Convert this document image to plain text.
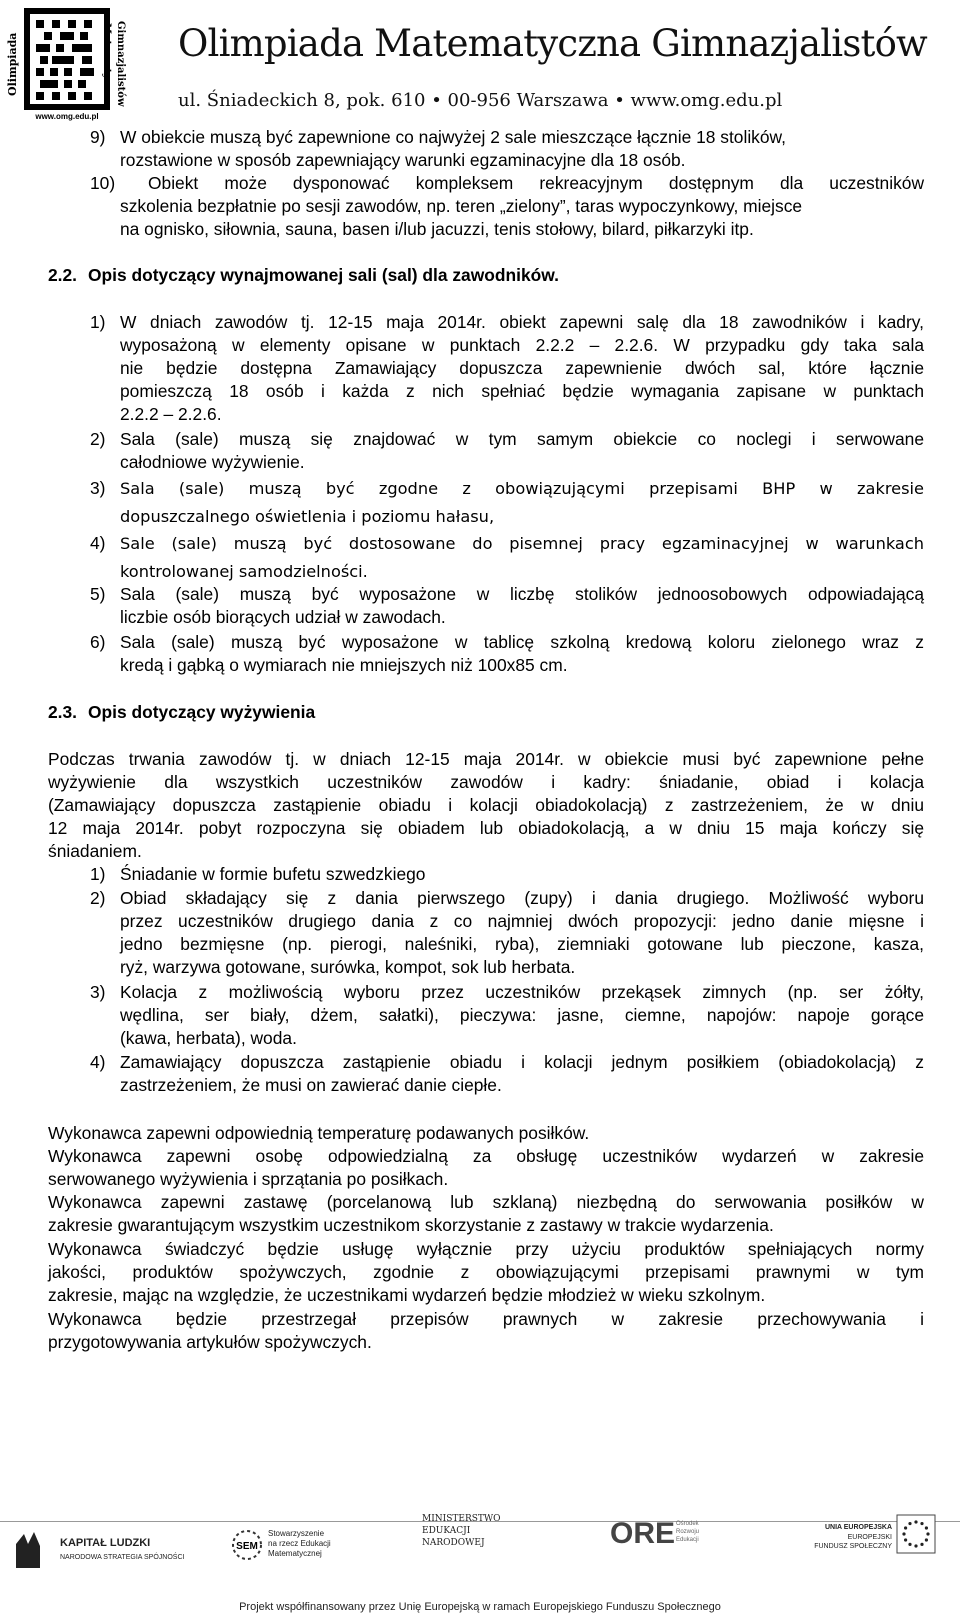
Olimpiada	Matematyczna Gimnazjalistów
www.omg.edu.pl
Olimpiada Matematyczna Gimnazjalistów
ul. Śniadeckich 8, pok. 610 • 00-956 Warszawa • www.omg.edu.pl
9) W obiekcie muszą być zapewnione co najwyżej 2 sale mieszczące łącznie 18 stolików,
rozstawione w sposób zapewniający warunki egzaminacyjne dla 18 osób.
10) Obiekt może dysponować kompleksem rekreacyjnym dostępnym dla uczestników
szkolenia bezpłatnie po sesji zawodów, np. teren „zielony”, taras wypoczynkowy, miejsce
na ognisko, siłownia, sauna, basen i/lub jacuzzi, tenis stołowy, bilard, piłkarzyki itp.
2.2. Opis dotyczący wynajmowanej sali (sal) dla zawodników.
1) W dniach zawodów tj. 12-15 maja 2014r. obiekt zapewni salę dla 18 zawodników i kadry,
wyposażoną w elementy opisane w punktach 2.2.2 – 2.2.6. W przypadku gdy taka sala
nie będzie dostępna Zamawiający dopuszcza zapewnienie dwóch sal, które łącznie
pomieszczą 18 osób i każda z nich spełniać będzie wymagania zapisane w punktach
2.2.2 – 2.2.6.
2) Sala (sale) muszą się znajdować w tym samym obiekcie co noclegi i serwowane
całodniowe wyżywienie.
3) Sala (sale) muszą być zgodne z obowiązującymi przepisami BHP w zakresie
dopuszczalnego oświetlenia i poziomu hałasu,
4) Sale (sale) muszą być dostosowane do pisemnej pracy egzaminacyjnej w warunkach
kontrolowanej samodzielności.
5) Sala (sale) muszą być wyposażone w liczbę stolików jednoosobowych odpowiadającą
liczbie osób biorących udział w zawodach.
6) Sala (sale) muszą być wyposażone w tablicę szkolną kredową koloru zielonego wraz z
kredą i gąbką o wymiarach nie mniejszych niż 100x85 cm.
2.3. Opis dotyczący wyżywienia
Podczas trwania zawodów tj. w dniach 12-15 maja 2014r. w obiekcie musi być zapewnione pełne
wyżywienie dla wszystkich uczestników zawodów i kadry: śniadanie, obiad i kolacja
(Zamawiający dopuszcza zastąpienie obiadu i kolacji obiadokolacją) z zastrzeżeniem, że w dniu
12 maja 2014r. pobyt rozpoczyna się obiadem lub obiadokolacją, a w dniu 15 maja kończy się
śniadaniem.
1) Śniadanie w formie bufetu szwedzkiego
2) Obiad składający się z dania pierwszego (zupy) i dania drugiego. Możliwość wyboru
przez uczestników drugiego dania z co najmniej dwóch propozycji: jedno danie mięsne i
jedno bezmięsne (np. pierogi, naleśniki, ryba), ziemniaki gotowane lub pieczone, kasza,
ryż, warzywa gotowane, surówka, kompot, sok lub herbata.
3) Kolacja z możliwością wyboru przez uczestników przekąsek zimnych (np. ser żółty,
wędlina, ser biały, dżem, sałatki), pieczywa: jasne, ciemne, napojów: napoje gorące
(kawa, herbata), woda.
4) Zamawiający dopuszcza zastąpienie obiadu i kolacji jednym posiłkiem (obiadokolacją) z
zastrzeżeniem, że musi on zawierać danie ciepłe.
Wykonawca zapewni odpowiednią temperaturę podawanych posiłków.
Wykonawca zapewni osobę odpowiedzialną za obsługę uczestników wydarzeń w zakresie
serwowanego wyżywienia i sprzątania po posiłkach.
Wykonawca zapewni zastawę (porcelanową lub szklaną) niezbędną do serwowania posiłków w
zakresie gwarantującym wszystkim uczestnikom skorzystanie z zastawy w trakcie wydarzenia.
Wykonawca świadczyć będzie usługę wyłącznie przy użyciu produktów spełniających normy
jakości, produktów spożywczych, zgodnie z obowiązującymi przepisami prawnymi w tym
zakresie, mając na względzie, że uczestnikami wydarzeń będzie młodzież w wieku szkolnym.
Wykonawca będzie przestrzegał przepisów prawnych w zakresie przechowywania i
przygotowywania artykułów spożywczych.
KAPITAŁ LUDZKI
NARODOWA STRATEGIA SPÓJNOŚCI
SEM
Stowarzyszenie
na rzecz Edukacji
Matematycznej
MINISTERSTWO
EDUKACJI
NARODOWEJ	ORE Ośrodek
Rozwoju
Edukacji
UNIA EUROPEJSKA
EUROPEJSKI
FUNDUSZ SPOŁECZNY
Projekt współfinansowany przez Unię Europejską w ramach Europejskiego Funduszu Społecznego
